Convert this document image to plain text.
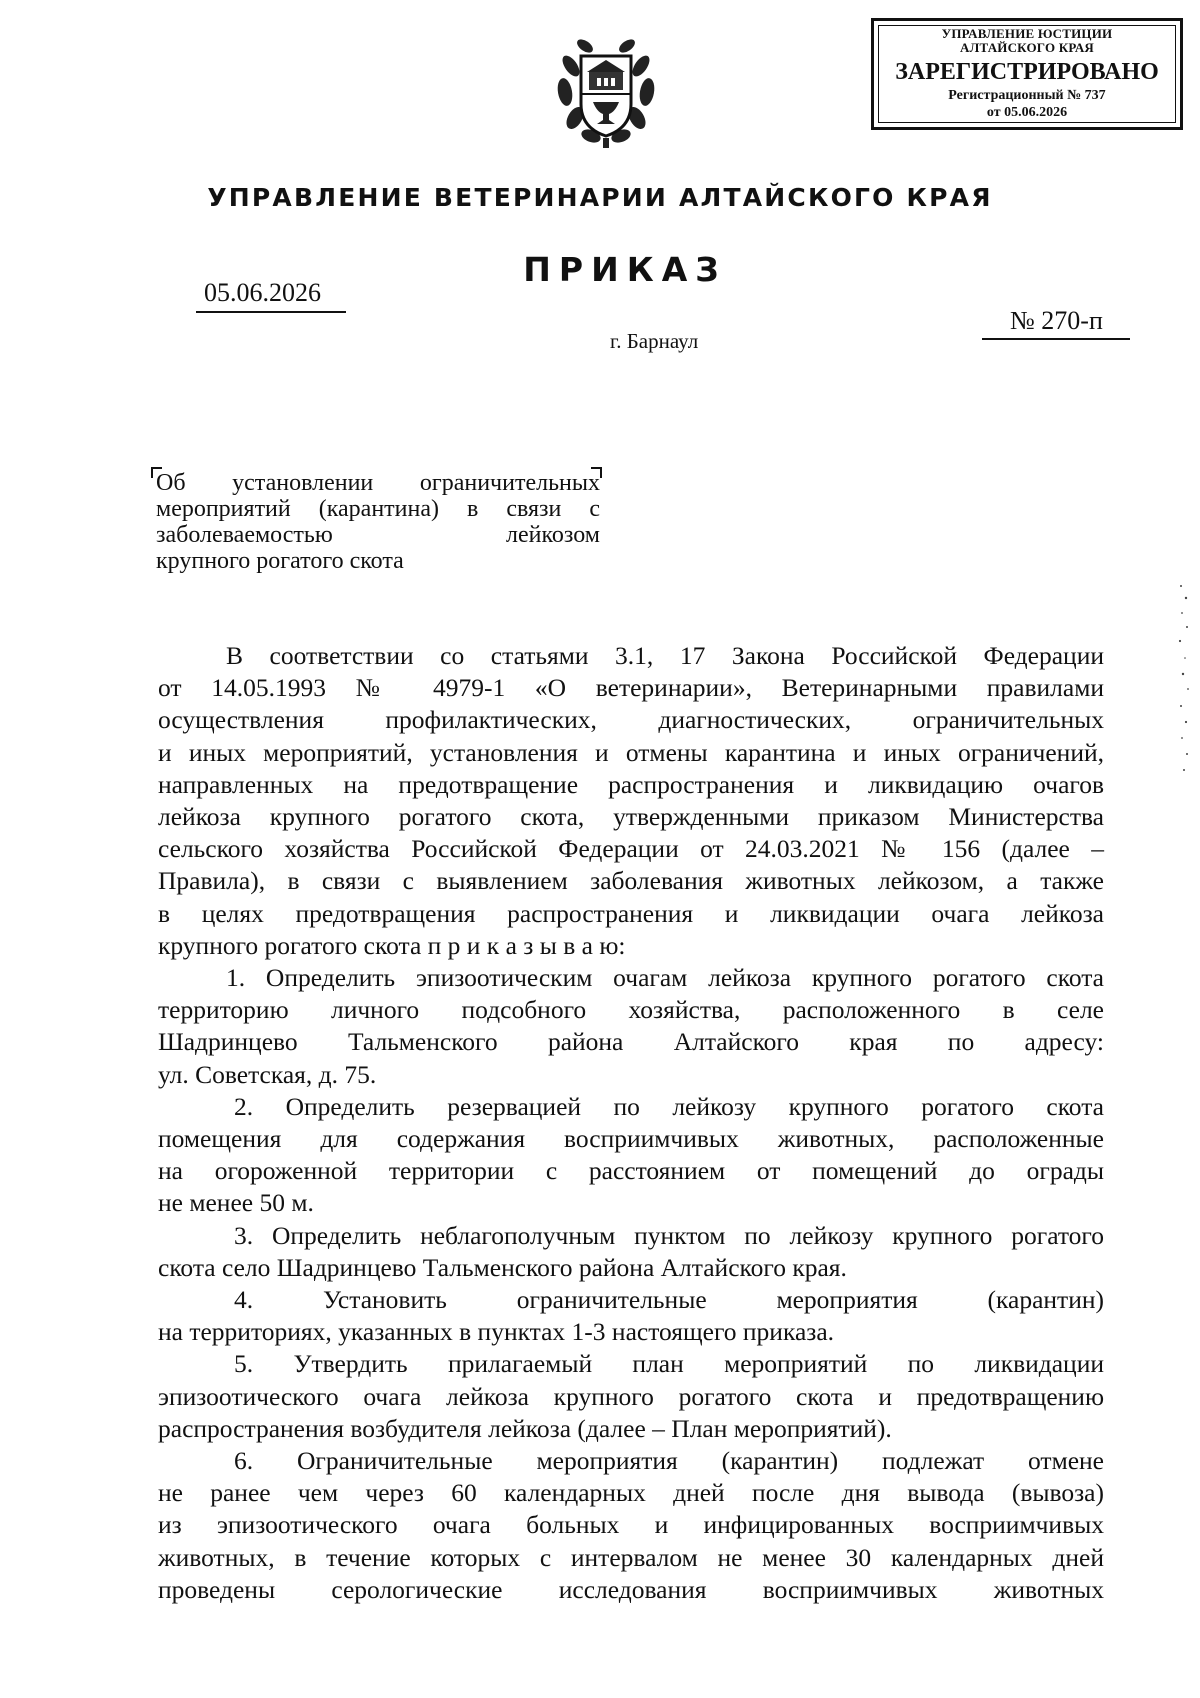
УПРАВЛЕНИЕ ЮСТИЦИИ
АЛТАЙСКОГО КРАЯ
ЗАРЕГИСТРИРОВАНО
Регистрационный № 737
от 05.06.2026
УПРАВЛЕНИЕ ВЕТЕРИНАРИИ АЛТАЙСКОГО КРАЯ
ПРИКАЗ
05.06.2026
г. Барнаул
№ 270-п

Об установлении ограничительных

мероприятий (карантина) в связи с

заболеваемостью лейкозом

крупного рогатого скота

В соответствии со статьями 3.1, 17 Закона Российской Федерации
от 14.05.1993 № 4979-1 «О ветеринарии», Ветеринарными правилами
осуществления профилактических, диагностических, ограничительных
и иных мероприятий, установления и отмены карантина и иных ограничений,
направленных на предотвращение распространения и ликвидацию очагов
лейкоза крупного рогатого скота, утвержденными приказом Министерства
сельского хозяйства Российской Федерации от 24.03.2021 № 156 (далее –
Правила), в связи с выявлением заболевания животных лейкозом, а также
в целях предотвращения распространения и ликвидации очага лейкоза
крупного рогатого скота п р и к а з ы в а ю:
1. Определить эпизоотическим очагам лейкоза крупного рогатого скота
территорию личного подсобного хозяйства, расположенного в селе
Шадринцево Тальменского района Алтайского края по адресу:
ул. Советская, д. 75.
2. Определить резервацией по лейкозу крупного рогатого скота
помещения для содержания восприимчивых животных, расположенные
на огороженной территории с расстоянием от помещений до ограды
не менее 50 м.
3. Определить неблагополучным пунктом по лейкозу крупного рогатого
скота село Шадринцево Тальменского района Алтайского края.
4. Установить ограничительные мероприятия (карантин)
на территориях, указанных в пунктах 1-3 настоящего приказа.
5. Утвердить прилагаемый план мероприятий по ликвидации
эпизоотического очага лейкоза крупного рогатого скота и предотвращению
распространения возбудителя лейкоза (далее – План мероприятий).
6. Ограничительные мероприятия (карантин) подлежат отмене
не ранее чем через 60 календарных дней после дня вывода (вывоза)
из эпизоотического очага больных и инфицированных восприимчивых
животных, в течение которых с интервалом не менее 30 календарных дней
проведены серологические исследования восприимчивых животных
